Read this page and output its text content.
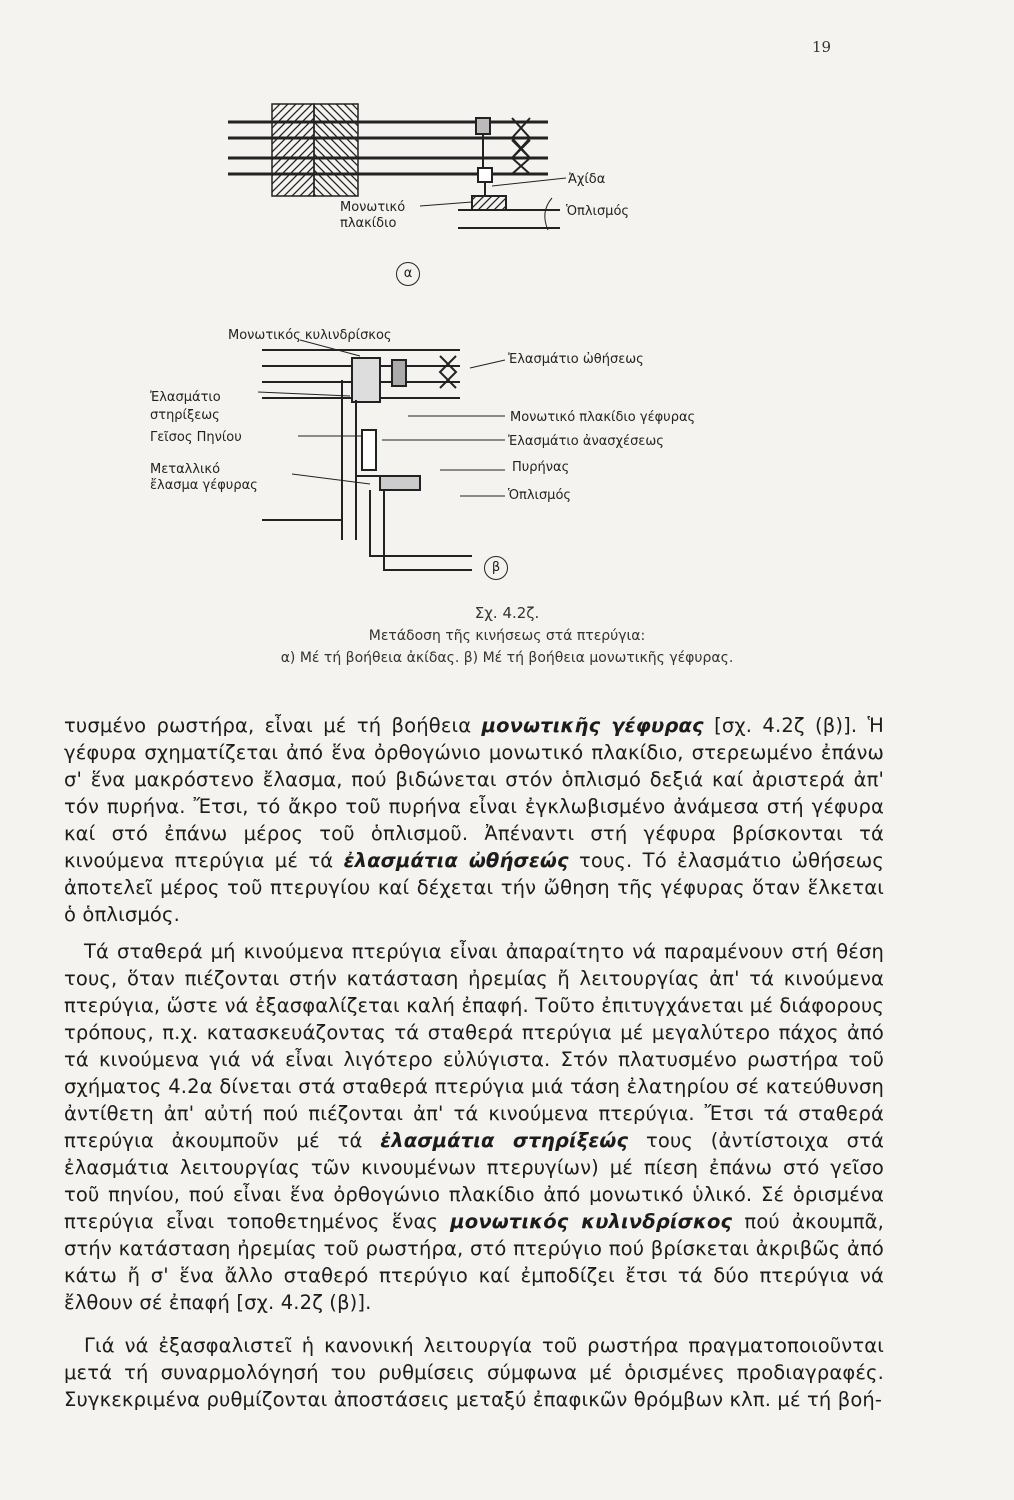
19
Ἀχίδα
Ὁπλισμός
Μονωτικό
πλακίδιο
α
Μονωτικός κυλινδρίσκος
Ἐλασμάτιο
στηρίξεως
Γεῖσος Πηνίου
Μεταλλικό
ἔλασμα γέφυρας
Ἐλασμάτιο ὠθήσεως
Μονωτικό πλακίδιο γέφυρας
Ἐλασμάτιο ἀνασχέσεως
Πυρήνας
Ὁπλισμός
β
Σχ. 4.2ζ.
Μετάδοση τῆς κινήσεως στά πτερύγια:
α) Μέ τή βοήθεια ἀκίδας. β) Μέ τή βοήθεια μονωτικῆς γέφυρας.

τυσμένο ρωστήρα, εἶναι μέ τή βοήθεια μονωτικῆς γέφυρας [σχ. 4.2ζ (β)]. Ἡ γέφυρα σχηματίζεται ἀπό ἕνα ὀρθογώνιο μονωτικό πλακίδιο, στερεωμένο ἐπάνω σ' ἕνα μακρόστενο ἔλασμα, πού βιδώνεται στόν ὁπλισμό δεξιά καί ἀριστερά ἀπ' τόν πυρήνα. Ἔτσι, τό ἄκρο τοῦ πυρήνα εἶναι ἐγκλωβισμένο ἀνάμεσα στή γέφυρα καί στό ἐπάνω μέρος τοῦ ὁπλισμοῦ. Ἀπέναντι στή γέφυρα βρίσκονται τά κινούμενα πτερύγια μέ τά ἐλασμάτια ὠθήσεώς τους. Τό ἐλασμάτιο ὠθήσεως ἀποτελεῖ μέρος τοῦ πτερυγίου καί δέχεται τήν ὤθηση τῆς γέφυρας ὅταν ἕλκεται ὁ ὁπλισμός.

Τά σταθερά μή κινούμενα πτερύγια εἶναι ἀπαραίτητο νά παραμένουν στή θέση τους, ὅταν πιέζονται στήν κατάσταση ἠρεμίας ἤ λειτουργίας ἀπ' τά κινούμενα πτερύγια, ὥστε νά ἐξασφαλίζεται καλή ἐπαφή. Τοῦτο ἐπιτυγχάνεται μέ διάφορους τρόπους, π.χ. κατασκευάζοντας τά σταθερά πτερύγια μέ μεγαλύτερο πάχος ἀπό τά κινούμενα γιά νά εἶναι λιγότερο εὐλύγιστα. Στόν πλατυσμένο ρωστήρα τοῦ σχήματος 4.2α δίνεται στά σταθερά πτερύγια μιά τάση ἐλατηρίου σέ κατεύθυνση ἀντίθετη ἀπ' αὐτή πού πιέζονται ἀπ' τά κινούμενα πτερύγια. Ἔτσι τά σταθερά πτερύγια ἀκουμποῦν μέ τά ἐλασμάτια στηρίξεώς τους (ἀντίστοιχα στά ἐλασμάτια λειτουργίας τῶν κινουμένων πτερυγίων) μέ πίεση ἐπάνω στό γεῖσο τοῦ πηνίου, πού εἶναι ἕνα ὀρθογώνιο πλακίδιο ἀπό μονωτικό ὑλικό. Σέ ὁρισμένα πτερύγια εἶναι τοποθετημένος ἕνας μονωτικός κυλινδρίσκος πού ἀκουμπᾶ, στήν κατάσταση ἠρεμίας τοῦ ρωστήρα, στό πτερύγιο πού βρίσκεται ἀκριβῶς ἀπό κάτω ἤ σ' ἕνα ἄλλο σταθερό πτερύγιο καί ἐμποδίζει ἔτσι τά δύο πτερύγια νά ἔλθουν σέ ἐπαφή [σχ. 4.2ζ (β)].

Γιά νά ἐξασφαλιστεῖ ἡ κανονική λειτουργία τοῦ ρωστήρα πραγματοποιοῦνται μετά τή συναρμολόγησή του ρυθμίσεις σύμφωνα μέ ὁρισμένες προδιαγραφές. Συγκεκριμένα ρυθμίζονται ἀποστάσεις μεταξύ ἐπαφικῶν θρόμβων κλπ. μέ τή βοή-
